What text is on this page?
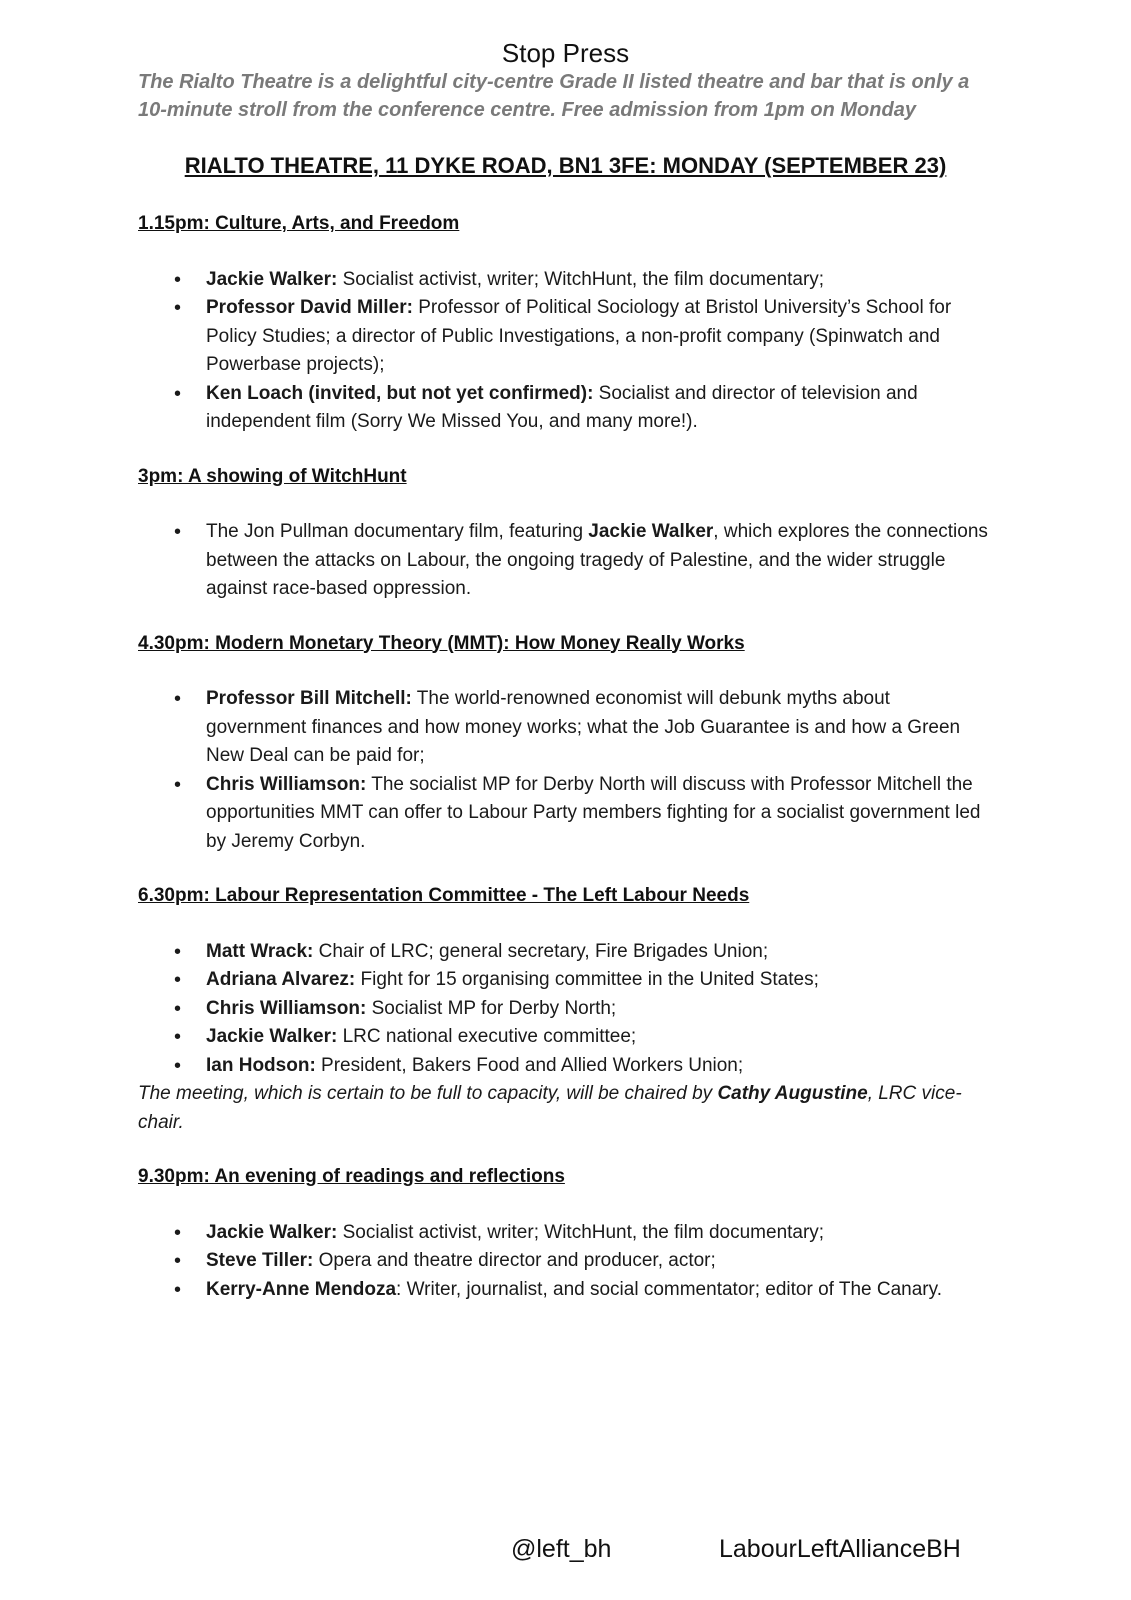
Stop Press
The Rialto Theatre is a delightful city-centre Grade II listed theatre and bar that is only a 10-minute stroll from the conference centre. Free admission from 1pm on Monday
RIALTO THEATRE, 11 DYKE ROAD, BN1 3FE: MONDAY (SEPTEMBER 23)
1.15pm: Culture, Arts, and Freedom
• Jackie Walker: Socialist activist, writer; WitchHunt, the film documentary;
• Professor David Miller: Professor of Political Sociology at Bristol University’s School for Policy Studies; a director of Public Investigations, a non-profit company (Spinwatch and Powerbase projects);
• Ken Loach (invited, but not yet confirmed): Socialist and director of television and independent film (Sorry We Missed You, and many more!).
3pm: A showing of WitchHunt
• The Jon Pullman documentary film, featuring Jackie Walker, which explores the connections between the attacks on Labour, the ongoing tragedy of Palestine, and the wider struggle against race-based oppression.
4.30pm: Modern Monetary Theory (MMT): How Money Really Works
• Professor Bill Mitchell: The world-renowned economist will debunk myths about government finances and how money works; what the Job Guarantee is and how a Green New Deal can be paid for;
• Chris Williamson: The socialist MP for Derby North will discuss with Professor Mitchell the opportunities MMT can offer to Labour Party members fighting for a socialist government led by Jeremy Corbyn.
6.30pm: Labour Representation Committee - The Left Labour Needs
• Matt Wrack: Chair of LRC; general secretary, Fire Brigades Union;
• Adriana Alvarez: Fight for 15 organising committee in the United States;
• Chris Williamson: Socialist MP for Derby North;
• Jackie Walker: LRC national executive committee;
• Ian Hodson: President, Bakers Food and Allied Workers Union;
The meeting, which is certain to be full to capacity, will be chaired by Cathy Augustine, LRC vice-chair.
9.30pm: An evening of readings and reflections
• Jackie Walker: Socialist activist, writer; WitchHunt, the film documentary;
• Steve Tiller: Opera and theatre director and producer, actor;
• Kerry-Anne Mendoza: Writer, journalist, and social commentator; editor of The Canary.
@left_bh	LabourLeftAllianceBH
